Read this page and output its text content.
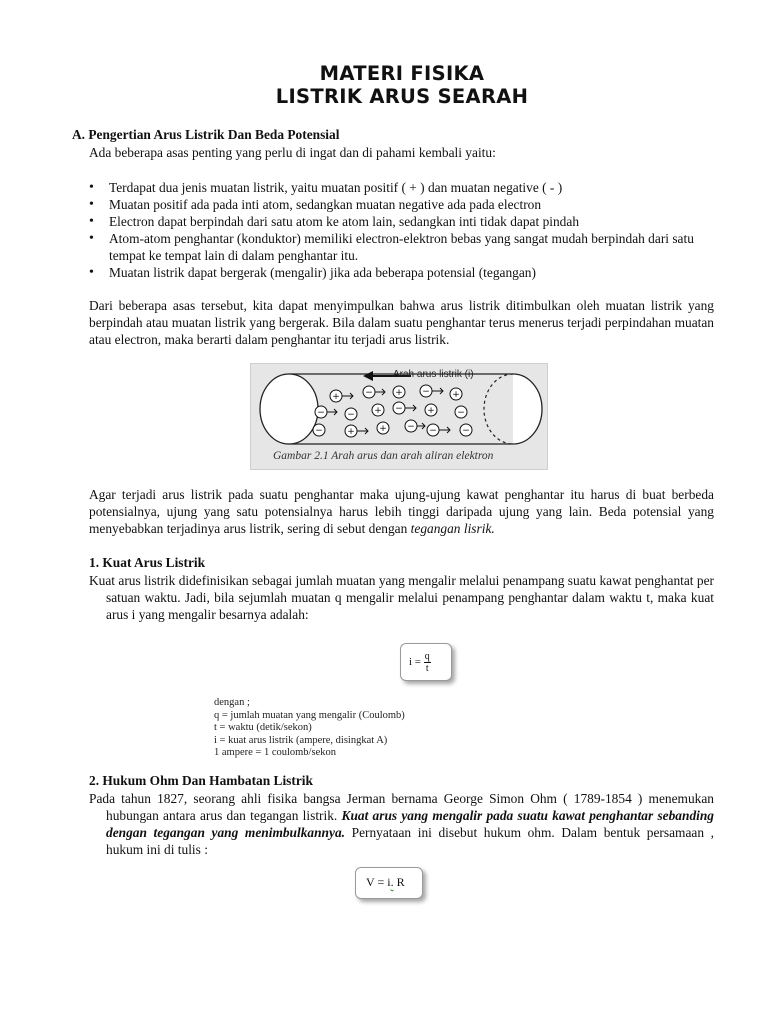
MATERI FISIKA
LISTRIK ARUS SEARAH
A. Pengertian Arus Listrik Dan Beda Potensial
Ada beberapa asas penting yang perlu di ingat dan di pahami kembali yaitu:
• Terdapat dua jenis muatan listrik, yaitu muatan positif ( + ) dan muatan negative ( - )
• Muatan positif ada pada inti atom, sedangkan muatan negative ada pada electron
• Electron dapat berpindah dari satu atom ke atom lain, sedangkan inti tidak dapat pindah
• Atom-atom penghantar (konduktor) memiliki electron-elektron bebas yang sangat mudah berpindah dari satu tempat ke tempat lain di dalam penghantar itu.
• Muatan listrik dapat bergerak (mengalir) jika ada beberapa potensial (tegangan)
Dari beberapa asas tersebut, kita dapat menyimpulkan bahwa arus listrik ditimbulkan oleh muatan listrik yang berpindah atau muatan listrik yang bergerak. Bila dalam suatu penghantar terus menerus terjadi perpindahan muatan atau electron, maka berarti dalam penghantar itu terjadi arus listrik.
+	− + − +
− − + −	+ −
−	+	+ − −	−
Arah arus listrik (i)
Gambar 2.1 Arah arus dan arah aliran elektron
Agar terjadi arus listrik pada suatu penghantar maka ujung-ujung kawat penghantar itu harus di buat berbeda potensialnya, ujung yang satu potensialnya harus lebih tinggi daripada ujung yang lain. Beda potensial yang menyebabkan terjadinya arus listrik, sering di sebut dengan tegangan lisrik.
1. Kuat Arus Listrik
Kuat arus listrik didefinisikan sebagai jumlah muatan yang mengalir melalui penampang suatu kawat penghantat per satuan waktu. Jadi, bila sejumlah muatan q mengalir melalui penampang penghantar dalam waktu t, maka kuat arus i yang mengalir besarnya adalah:
$i = \frac{q}{t}$
dengan ;
q = jumlah muatan yang mengalir (Coulomb)
t = waktu (detik/sekon)
i = kuat arus listrik (ampere, disingkat A)
1 ampere = 1 coulomb/sekon
2. Hukum Ohm Dan Hambatan Listrik
Pada tahun 1827, seorang ahli fisika bangsa Jerman bernama George Simon Ohm ( 1789-1854 ) menemukan hubungan antara arus dan tegangan listrik. Kuat arus yang mengalir pada suatu kawat penghantar sebanding dengan tegangan yang menimbulkannya. Pernyataan ini disebut hukum ohm. Dalam bentuk persamaan , hukum ini di tulis :
V = i. R
